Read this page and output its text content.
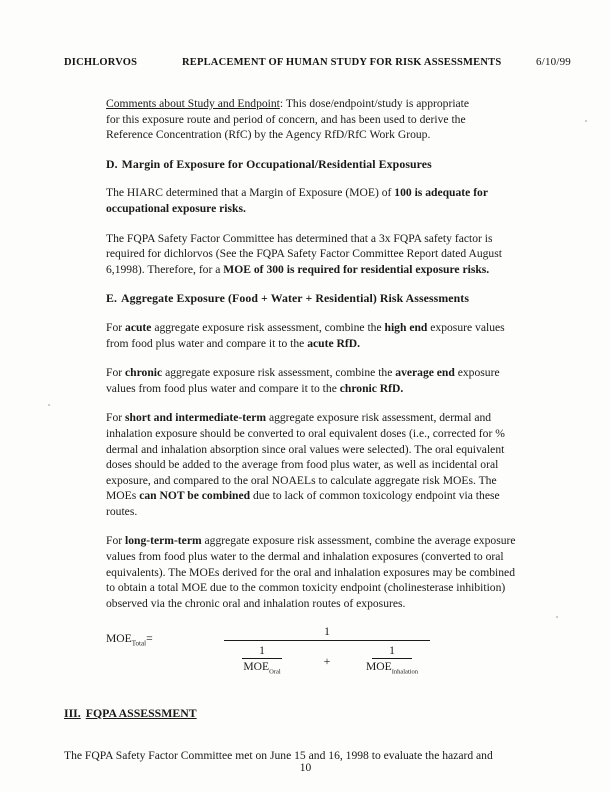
DICHLORVOS	REPLACEMENT OF HUMAN STUDY FOR RISK ASSESSMENTS	6/10/99

Comments about Study and Endpoint: This dose/endpoint/study is appropriate for this exposure route and period of concern, and has been used to derive the Reference Concentration (RfC) by the Agency RfD/RfC Work Group.

D. Margin of Exposure for Occupational/Residential Exposures

The HIARC determined that a Margin of Exposure (MOE) of 100 is adequate for occupational exposure risks.

The FQPA Safety Factor Committee has determined that a 3x FQPA safety factor is required for dichlorvos (See the FQPA Safety Factor Committee Report dated August 6,1998). Therefore, for a MOE of 300 is required for residential exposure risks.

E. Aggregate Exposure (Food + Water + Residential) Risk Assessments

For acute aggregate exposure risk assessment, combine the high end exposure values from food plus water and compare it to the acute RfD.

For chronic aggregate exposure risk assessment, combine the average end exposure values from food plus water and compare it to the chronic RfD.

For short and intermediate-term aggregate exposure risk assessment, dermal and inhalation exposure should be converted to oral equivalent doses (i.e., corrected for % dermal and inhalation absorption since oral values were selected). The oral equivalent doses should be added to the average from food plus water, as well as incidental oral exposure, and compared to the oral NOAELs to calculate aggregate risk MOEs. The MOEs can NOT be combined due to lack of common toxicology endpoint via these routes.

For long-term-term aggregate exposure risk assessment, combine the average exposure values from food plus water to the dermal and inhalation exposures (converted to oral equivalents). The MOEs derived for the oral and inhalation exposures may be combined to obtain a total MOE due to the common toxicity endpoint (cholinesterase inhibition) observed via the chronic oral and inhalation routes of exposures.

$MOE_{Total}=$
1
$\frac{1}{MOE_{Oral}}$	+	$\frac{1}{MOE_{Inhalation}}$
III. FQPA ASSESSMENT
The FQPA Safety Factor Committee met on June 15 and 16, 1998 to evaluate the hazard and
10
